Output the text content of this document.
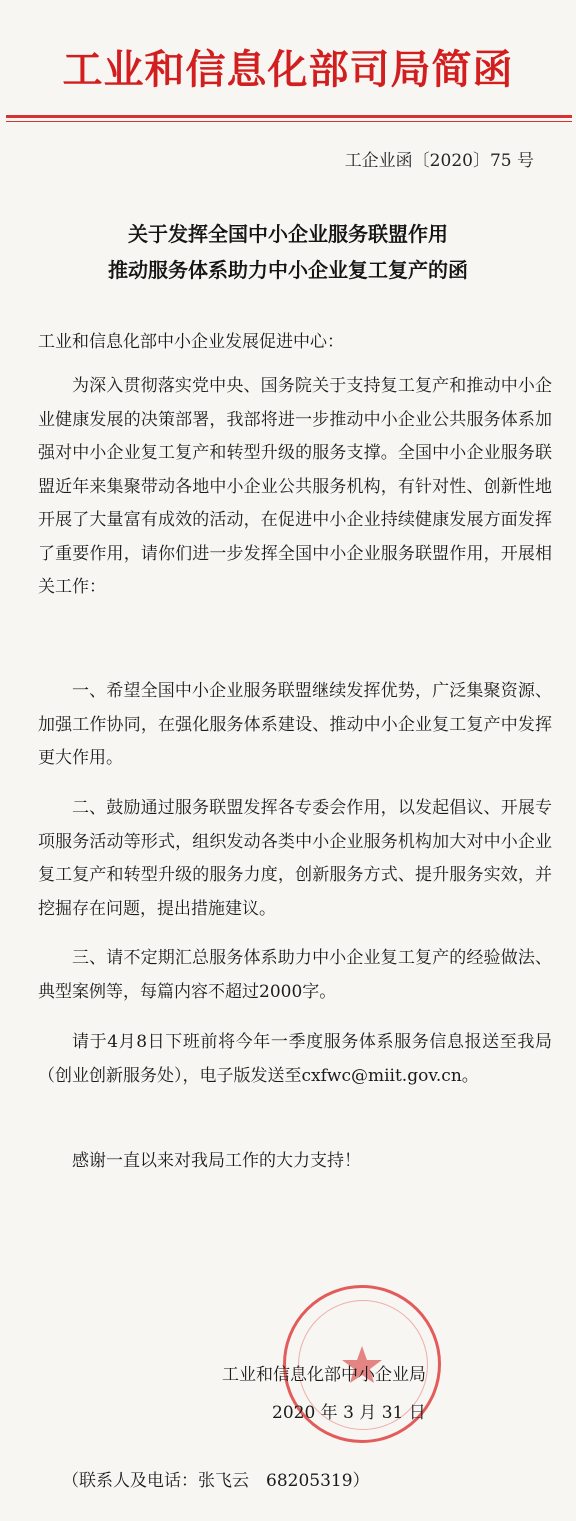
工业和信息化部司局简函
工企业函〔2020〕75 号
关于发挥全国中小企业服务联盟作用
推动服务体系助力中小企业复工复产的函
工业和信息化部中小企业发展促进中心：
为深入贯彻落实党中央、国务院关于支持复工复产和推动中小企业健康发展的决策部署，我部将进一步推动中小企业公共服务体系加强对中小企业复工复产和转型升级的服务支撑。全国中小企业服务联盟近年来集聚带动各地中小企业公共服务机构，有针对性、创新性地开展了大量富有成效的活动，在促进中小企业持续健康发展方面发挥了重要作用，请你们进一步发挥全国中小企业服务联盟作用，开展相关工作：
一、希望全国中小企业服务联盟继续发挥优势，广泛集聚资源、加强工作协同，在强化服务体系建设、推动中小企业复工复产中发挥更大作用。
二、鼓励通过服务联盟发挥各专委会作用，以发起倡议、开展专项服务活动等形式，组织发动各类中小企业服务机构加大对中小企业复工复产和转型升级的服务力度，创新服务方式、提升服务实效，并挖掘存在问题，提出措施建议。
三、请不定期汇总服务体系助力中小企业复工复产的经验做法、典型案例等，每篇内容不超过2000字。
请于4月8日下班前将今年一季度服务体系服务信息报送至我局（创业创新服务处），电子版发送至cxfwc@miit.gov.cn。
感谢一直以来对我局工作的大力支持！
工业和信息化部中小企业局
2020 年 3 月 31 日
（联系人及电话：张飞云　68205319）
